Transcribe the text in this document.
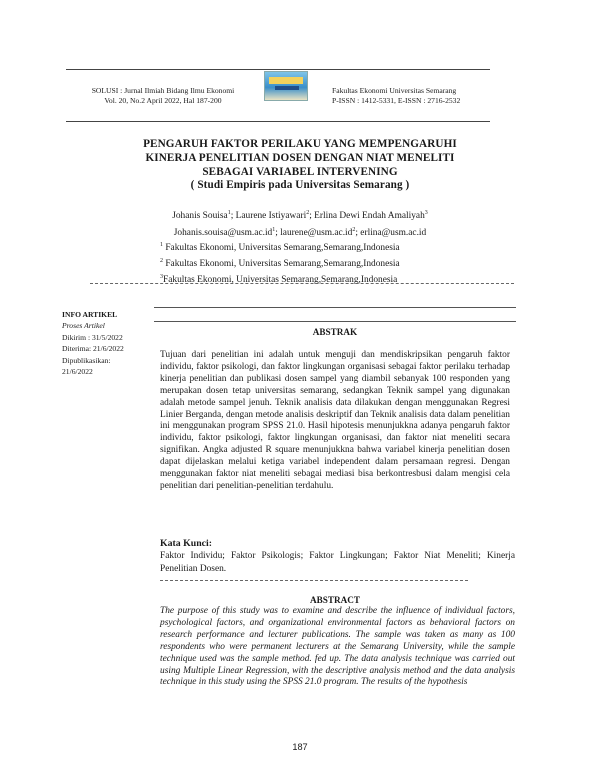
SOLUSI : Jurnal Ilmiah Bidang Ilmu Ekonomi
Vol. 20, No.2 April 2022, Hal 187-200
Fakultas Ekonomi Universitas Semarang
P-ISSN : 1412-5331, E-ISSN : 2716-2532
PENGARUH FAKTOR PERILAKU YANG MEMPENGARUHI
KINERJA PENELITIAN DOSEN DENGAN NIAT MENELITI
SEBAGAI VARIABEL INTERVENING
( Studi Empiris pada Universitas Semarang )
Johanis Souisa$^1$; Laurene Istiyawari$^2$; Erlina Dewi Endah Amaliyah$^3$
$Johanis.souisa@usm.ac.id^1$; $laurene@usm.ac.id^2$; erlina@usm.ac.id
$^1$ Fakultas Ekonomi, Universitas Semarang,Semarang,Indonesia
$^2$ Fakultas Ekonomi, Universitas Semarang,Semarang,Indonesia
$^3$Fakultas Ekonomi, Universitas Semarang,Semarang,Indonesia
INFO ARTIKEL
Proses Artikel
Dikirim : 31/5/2022
Diterima: 21/6/2022
Dipublikasikan:
21/6/2022
ABSTRAK
Tujuan dari penelitian ini adalah untuk menguji dan mendiskripsikan pengaruh faktor individu, faktor psikologi, dan faktor lingkungan organisasi sebagai faktor perilaku terhadap kinerja penelitian dan publikasi dosen sampel yang diambil sebanyak 100 responden yang merupakan dosen tetap universitas semarang, sedangkan Teknik sampel yang digunakan adalah metode sampel jenuh. Teknik analisis data dilakukan dengan menggunakan Regresi Linier Berganda, dengan metode analisis deskriptif dan Teknik analisis data dalam penelitian ini menggunakan program SPSS 21.0. Hasil hipotesis menunjukkna adanya pengaruh faktor individu, faktor psikologi, faktor lingkungan organisasi, dan faktor niat meneliti secara signifikan. Angka adjusted R square menunjukkna bahwa variabel kinerja penelitian dosen dapat dijelaskan melalui ketiga variabel independent dalam persamaan regresi. Dengan menggunakan faktor niat meneliti sebagai mediasi bisa berkontresbusi dalam mengisi cela penelitian dari penelitian-penelitian terdahulu.
Kata Kunci:
Faktor Individu; Faktor Psikologis; Faktor Lingkungan; Faktor Niat Meneliti; Kinerja Penelitian Dosen.
ABSTRACT
The purpose of this study was to examine and describe the influence of individual factors, psychological factors, and organizational environmental factors as behavioral factors on research performance and lecturer publications. The sample was taken as many as 100 respondents who were permanent lecturers at the Semarang University, while the sample technique used was the sample method. fed up. The data analysis technique was carried out using Multiple Linear Regression, with the descriptive analysis method and the data analysis technique in this study using the SPSS 21.0 program. The results of the hypothesis
187
